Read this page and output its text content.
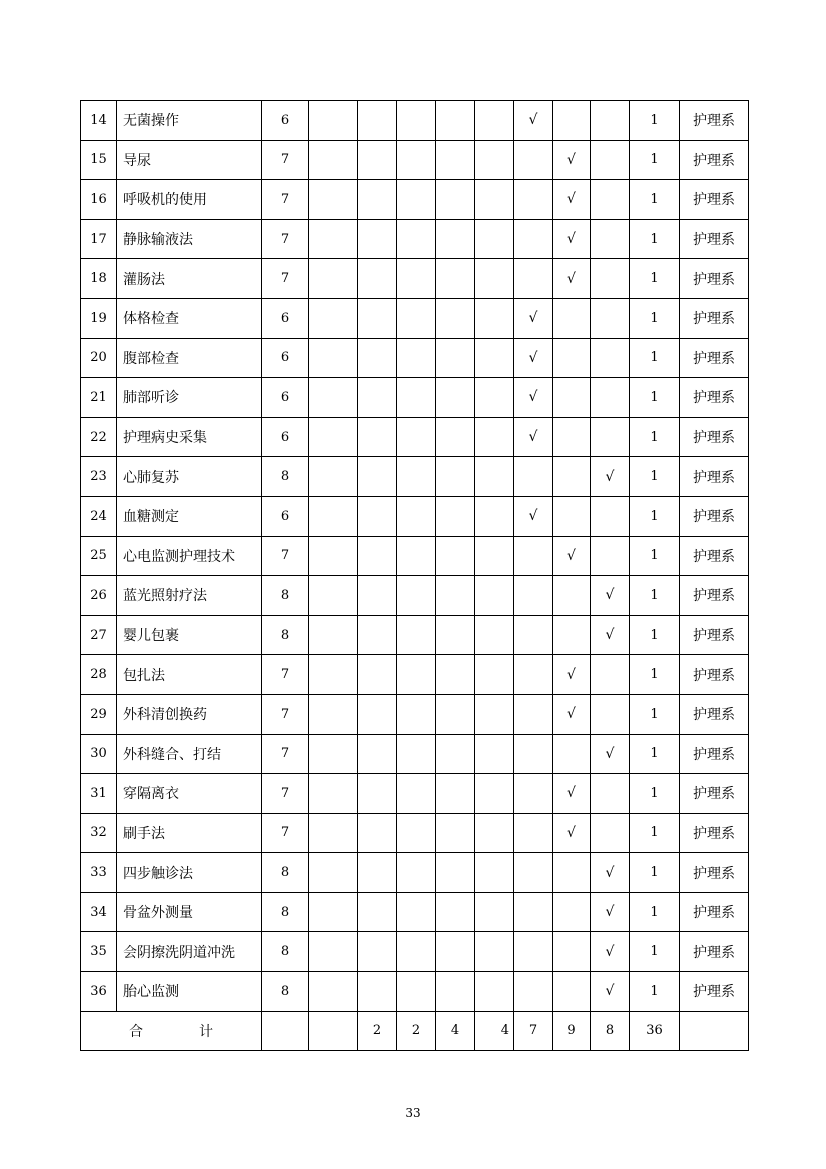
14	无菌操作	6						√			1	护理系
15	导尿	7							√		1	护理系
16	呼吸机的使用	7							√		1	护理系
17	静脉输液法	7							√		1	护理系
18	灌肠法	7							√		1	护理系
19	体格检查	6						√			1	护理系
20	腹部检查	6						√			1	护理系
21	肺部听诊	6						√			1	护理系
22	护理病史采集	6						√			1	护理系
23	心肺复苏	8								√	1	护理系
24	血糖测定	6						√			1	护理系
25	心电监测护理技术	7							√		1	护理系
26	蓝光照射疗法	8								√	1	护理系
27	婴儿包裹	8								√	1	护理系
28	包扎法	7							√		1	护理系
29	外科清创换药	7							√		1	护理系
30	外科缝合、打结	7								√	1	护理系
31	穿隔离衣	7							√		1	护理系
32	刷手法	7							√		1	护理系
33	四步触诊法	8								√	1	护理系
34	骨盆外测量	8								√	1	护理系
35	会阴擦洗阴道冲洗	8								√	1	护理系
36	胎心监测	8								√	1	护理系
合 计				2	2	4	4	7	9	8	36	
33
